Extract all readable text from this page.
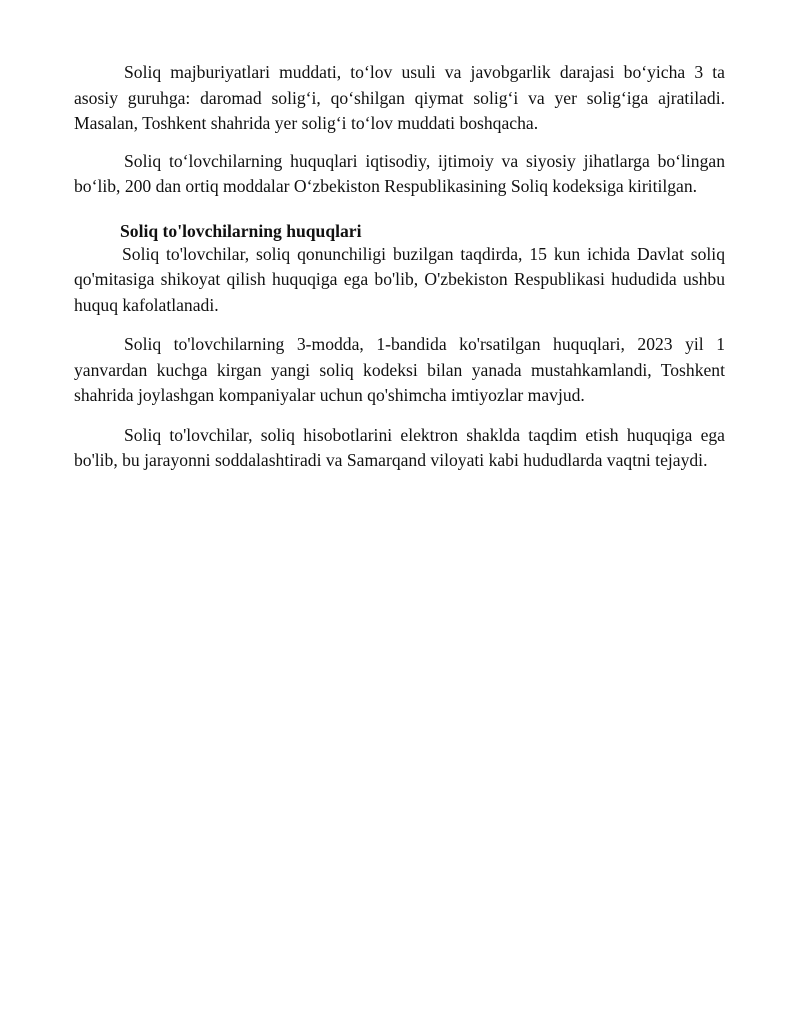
Soliq majburiyatlari muddati, to‘lov usuli va javobgarlik darajasi bo‘yicha 3 ta asosiy guruhga: daromad solig‘i, qo‘shilgan qiymat solig‘i va yer solig‘iga ajratiladi. Masalan, Toshkent shahrida yer solig‘i to‘lov muddati boshqacha.

Soliq to‘lovchilarning huquqlari iqtisodiy, ijtimoiy va siyosiy jihatlarga bo‘lingan bo‘lib, 200 dan ortiq moddalar O‘zbekiston Respublikasining Soliq kodeksiga kiritilgan.

Soliq to'lovchilarning huquqlari

Soliq to'lovchilar, soliq qonunchiligi buzilgan taqdirda, 15 kun ichida Davlat soliq qo'mitasiga shikoyat qilish huquqiga ega bo'lib, O'zbekiston Respublikasi hududida ushbu huquq kafolatlanadi.

Soliq to'lovchilarning 3-modda, 1-bandida ko'rsatilgan huquqlari, 2023 yil 1 yanvardan kuchga kirgan yangi soliq kodeksi bilan yanada mustahkamlandi, Toshkent shahrida joylashgan kompaniyalar uchun qo'shimcha imtiyozlar mavjud.

Soliq to'lovchilar, soliq hisobotlarini elektron shaklda taqdim etish huquqiga ega bo'lib, bu jarayonni soddalashtiradi va Samarqand viloyati kabi hududlarda vaqtni tejaydi.
